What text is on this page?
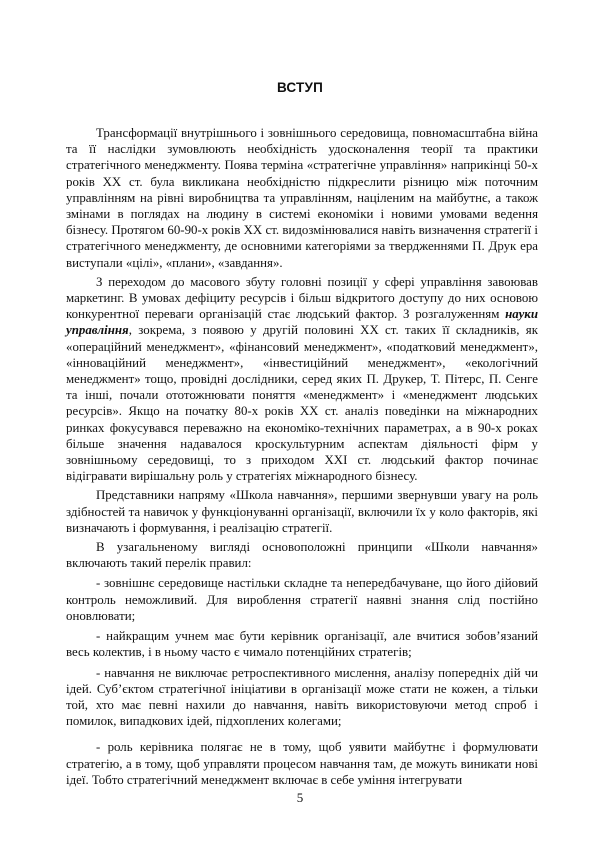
ВСТУП

Трансформації внутрішнього і зовнішнього середовища, повномасштабна війна та її наслідки зумовлюють необхідність удосконалення теорії та практики стратегічного менеджменту. Поява терміна «стратегічне управління» наприкінці 50-х років XX ст. була викликана необхідністю підкреслити різницю між поточним управлінням на рівні виробництва та управлінням, націленим на майбутнє, а також змінами в поглядах на людину в системі економіки і новими умовами ведення бізнесу. Протягом 60-90-х років XX ст. видозмінювалися навіть визначення стратегії і стратегічного менеджменту, де основними категоріями за твердженнями П. Друк ера виступали «цілі», «плани», «завдання».

З переходом до масового збуту головні позиції у сфері управління завоював маркетинг. В умовах дефіциту ресурсів і більш відкритого доступу до них основою конкурентної переваги організацій стає людський фактор. З розгалуженням науки управління, зокрема, з появою у другій половині XX ст. таких її складників, як «операційний менеджмент», «фінансовий менеджмент», «податковий менеджмент», «інноваційний менеджмент», «інвестиційний менеджмент», «екологічний менеджмент» тощо, провідні дослідники, серед яких П. Друкер, Т. Пітерс, П. Сенге та інші, почали ототожнювати поняття «менеджмент» і «менеджмент людських ресурсів». Якщо на початку 80-х років XX ст. аналіз поведінки на міжнародних ринках фокусувався переважно на економіко-технічних параметрах, а в 90-х роках більше значення надавалося кроскультурним аспектам діяльності фірм у зовнішньому середовищі, то з приходом XXI ст. людський фактор починає відігравати вирішальну роль у стратегіях міжнародного бізнесу.

Представники напряму «Школа навчання», першими звернувши увагу на роль здібностей та навичок у функціонуванні організації, включили їх у коло факторів, які визначають і формування, і реалізацію стратегії.

В узагальненому вигляді основоположні принципи «Школи навчання» включають такий перелік правил:

- зовнішнє середовище настільки складне та непередбачуване, що його дійовий контроль неможливий. Для вироблення стратегії наявні знання слід постійно оновлювати;

- найкращим учнем має бути керівник організації, але вчитися зобов’язаний весь колектив, і в ньому часто є чимало потенційних стратегів;

- навчання не виключає ретроспективного мислення, аналізу попередніх дій чи ідей. Суб’єктом стратегічної ініціативи в організації може стати не кожен, а тільки той, хто має певні нахили до навчання, навіть використовуючи метод спроб і помилок, випадкових ідей, підхоплених колегами;

- роль керівника полягає не в тому, щоб уявити майбутнє і формулювати стратегію, а в тому, щоб управляти процесом навчання там, де можуть виникати нові ідеї. Тобто стратегічний менеджмент включає в себе уміння інтегрувати

5
